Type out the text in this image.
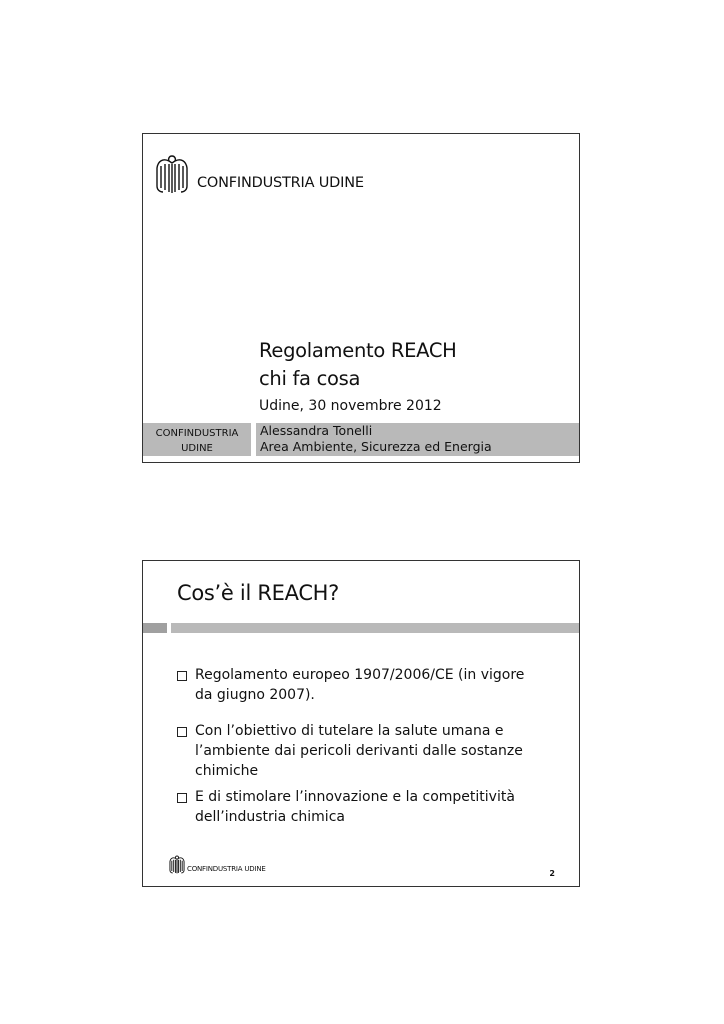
CONFINDUSTRIA UDINE
Regolamento REACH
chi fa cosa
Udine, 30 novembre 2012
CONFINDUSTRIA
UDINE
Alessandra Tonelli
Area Ambiente, Sicurezza ed Energia
Cos’è il REACH?
Regolamento europeo 1907/2006/CE (in vigore
da giugno 2007).
Con l’obiettivo di tutelare la salute umana e
l’ambiente dai pericoli derivanti dalle sostanze
chimiche
E di stimolare l’innovazione e la competitività
dell’industria chimica
CONFINDUSTRIA UDINE	2
